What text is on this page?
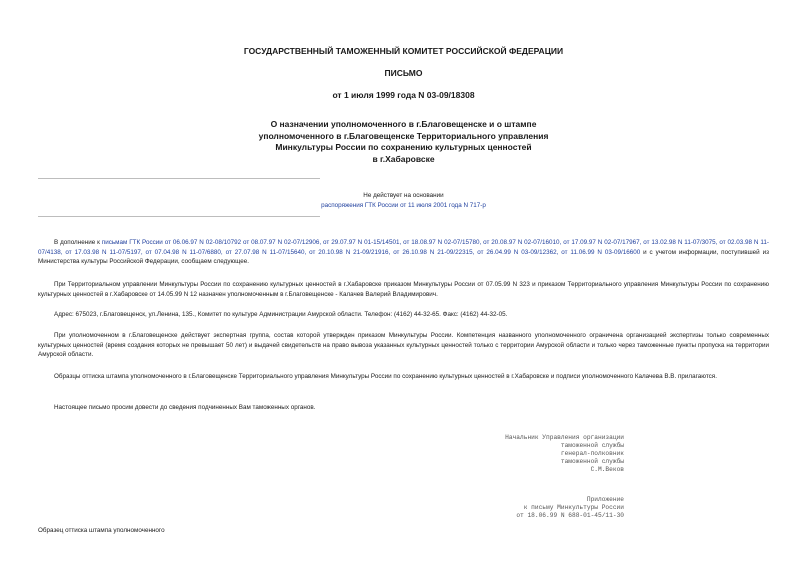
ГОСУДАРСТВЕННЫЙ ТАМОЖЕННЫЙ КОМИТЕТ РОССИЙСКОЙ ФЕДЕРАЦИИ
ПИСЬМО
от 1 июля 1999 года N 03-09/18308
О назначении уполномоченного в г.Благовещенске и о штампе
уполномоченного в г.Благовещенске Территориального управления
Минкультуры России по сохранению культурных ценностей
в г.Хабаровске
Не действует на основании
распоряжения ГТК России от 11 июля 2001 года N 717-р
В дополнение к письмам ГТК России от 06.06.97 N 02-08/10792 от 08.07.97 N 02-07/12906, от 29.07.97 N 01-15/14501, от 18.08.97 N 02-07/15780, от 20.08.97 N 02-07/16010, от 17.09.97 N 02-07/17967, от 13.02.98 N 11-07/3075, от 02.03.98 N 11-07/4138, от 17.03.98 N 11-07/5197, от 07.04.98 N 11-07/6880, от 27.07.98 N 11-07/15640, от 20.10.98 N 21-09/21916, от 26.10.98 N 21-09/22315, от 26.04.99 N 03-09/12362, от 11.06.99 N 03-09/16600 и с учетом информации, поступившей из Министерства культуры Российской Федерации, сообщаем следующее.
При Территориальном управлении Минкультуры России по сохранению культурных ценностей в г.Хабаровске приказом Минкультуры России от 07.05.99 N 323 и приказом Территориального управления Минкультуры России по сохранению культурных ценностей в г.Хабаровске от 14.05.99 N 12 назначен уполномоченным в г.Благовещенске - Калачев Валерий Владимирович.
Адрес: 675023, г.Благовещенск, ул.Ленина, 135., Комитет по культуре Администрации Амурской области. Телефон: (4162) 44-32-65. Факс: (4162) 44-32-05.
При уполномоченном в г.Благовещенске действует экспертная группа, состав которой утвержден приказом Минкультуры России. Компетенция названного уполномоченного ограничена организацией экспертизы только современных культурных ценностей (время создания которых не превышает 50 лет) и выдачей свидетельств на право вывоза указанных культурных ценностей только с территории Амурской области и только через таможенные пункты пропуска на территории Амурской области.
Образцы оттиска штампа уполномоченного в г.Благовещенске Территориального управления Минкультуры России по сохранению культурных ценностей в г.Хабаровске и подписи уполномоченного Калачева В.В. прилагаются.
Настоящее письмо просим довести до сведения подчиненных Вам таможенных органов.
Начальник Управления организации
таможенной службы
генерал-полковник
таможенной службы
С.М.Веков
Приложение
к письму Минкультуры России
от 18.06.99 N 688-01-45/11-30
Образец оттиска штампа уполномоченного
